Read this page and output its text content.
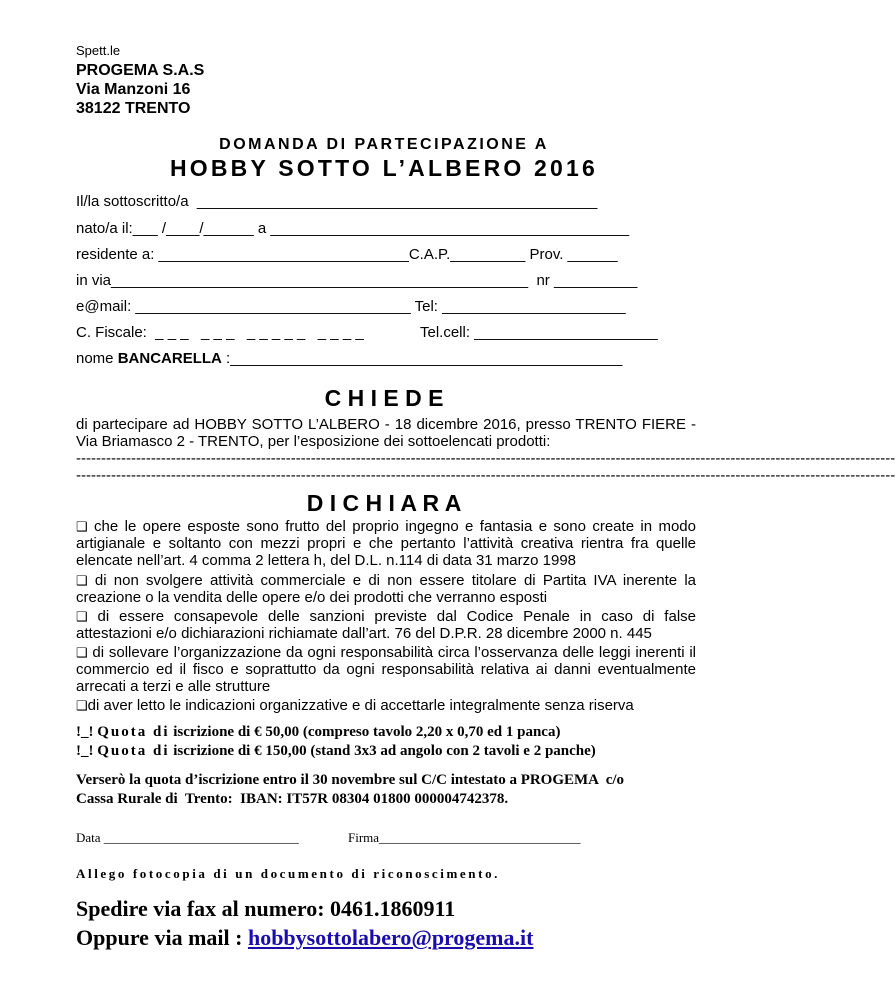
Spett.le
PROGEMA S.A.S
Via Manzoni 16
38122 TRENTO
DOMANDA DI PARTECIPAZIONE A
HOBBY SOTTO L’ALBERO 2016
Il/la sottoscritto/a  ________________________________________________
nato/a il:___ /____/______ a ___________________________________________
residente a: ______________________________C.A.P._________ Prov. ______
in via__________________________________________________  nr __________
e@mail: _________________________________ Tel: ______________________
C. Fiscale:  _ _ _   _ _ _   _ _ _ _ _   _ _ _ _	Tel.cell: ______________________
nome BANCARELLA :_______________________________________________
C H I E D E
di partecipare ad HOBBY SOTTO L’ALBERO - 18 dicembre 2016, presso TRENTO FIERE - Via Briamasco 2 - TRENTO, per l’esposizione dei sottoelencati prodotti:
--------------------------------------------------------------------------------------------------------------------------------------------------------------------
--------------------------------------------------------------------------------------------------------------------------------------------------------------------
D I C H I A R A
❑ che le opere esposte sono frutto del proprio ingegno e fantasia e sono create in modo artigianale e soltanto con mezzi propri e che pertanto l’attività creativa rientra fra quelle elencate nell’art. 4 comma 2 lettera h, del D.L. n.114 di data 31 marzo 1998
❑ di non svolgere attività commerciale e di non essere titolare di Partita IVA inerente la creazione o la vendita delle opere e/o dei prodotti che verranno esposti
❑ di essere consapevole delle sanzioni previste dal Codice Penale in caso di false attestazioni e/o dichiarazioni richiamate dall’art. 76 del D.P.R. 28 dicembre 2000 n. 445
❑ di sollevare l’organizzazione da ogni responsabilità circa l’osservanza delle leggi inerenti il commercio ed il fisco e soprattutto da ogni responsabilità relativa ai danni eventualmente arrecati a terzi e alle strutture
❑di aver letto le indicazioni organizzative e di accettarle integralmente senza riserva
!_! Quota di iscrizione di € 50,00 (compreso tavolo 2,20 x 0,70 ed 1 panca)
!_! Quota di iscrizione di € 150,00 (stand 3x3 ad angolo con 2 tavoli e 2 panche)
Verserò la quota d’iscrizione entro il 30 novembre sul C/C intestato a PROGEMA  c/o
Cassa Rurale di  Trento:  IBAN: IT57R 08304 01800 000004742378.
Data ______________________________	Firma_______________________________
Allego fotocopia di un documento di riconoscimento.
Spedire via fax al numero: 0461.1860911
Oppure via mail : hobbysottolabero@progema.it
